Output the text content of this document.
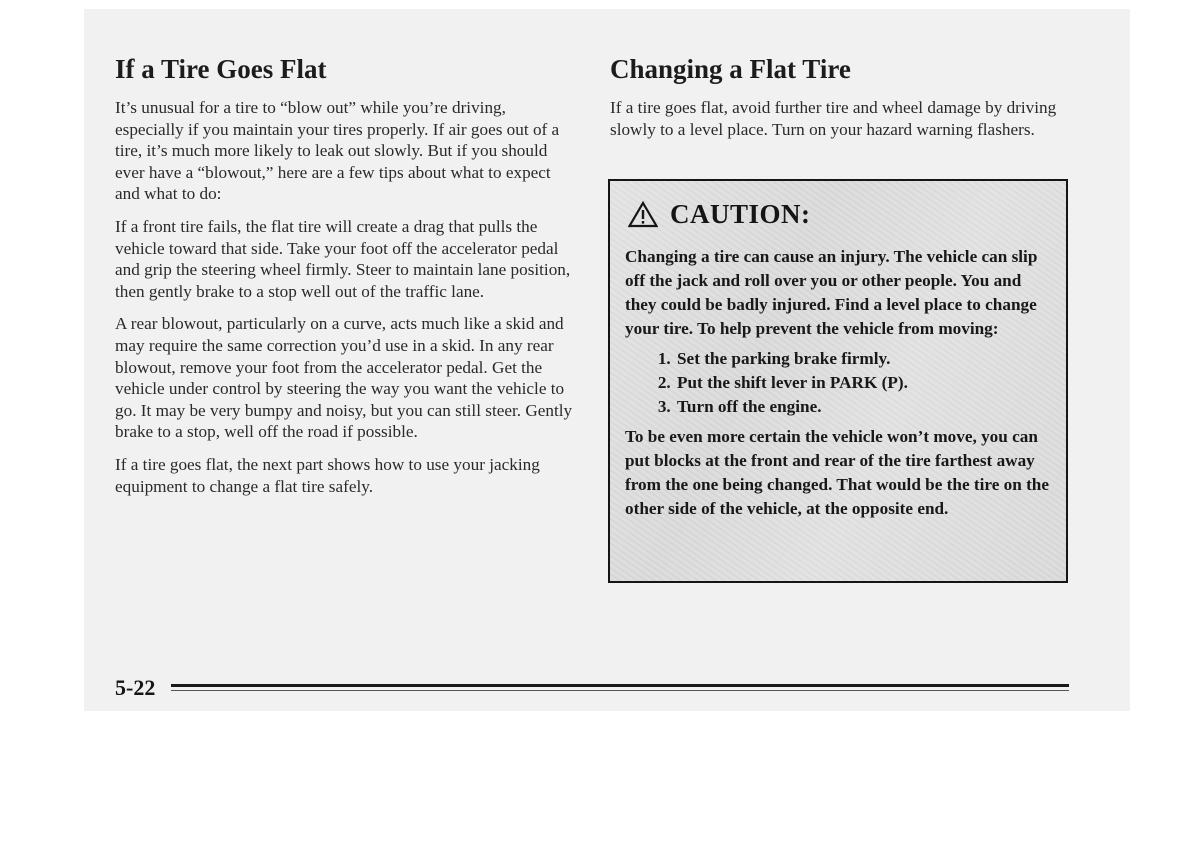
If a Tire Goes Flat

It’s unusual for a tire to “blow out” while you’re driving, especially if you maintain your tires properly. If air goes out of a tire, it’s much more likely to leak out slowly. But if you should ever have a “blowout,” here are a few tips about what to expect and what to do:

If a front tire fails, the flat tire will create a drag that pulls the vehicle toward that side. Take your foot off the accelerator pedal and grip the steering wheel firmly. Steer to maintain lane position, then gently brake to a stop well out of the traffic lane.

A rear blowout, particularly on a curve, acts much like a skid and may require the same correction you’d use in a skid. In any rear blowout, remove your foot from the accelerator pedal. Get the vehicle under control by steering the way you want the vehicle to go. It may be very bumpy and noisy, but you can still steer. Gently brake to a stop, well off the road if possible.

If a tire goes flat, the next part shows how to use your jacking equipment to change a flat tire safely.

Changing a Flat Tire

If a tire goes flat, avoid further tire and wheel damage by driving slowly to a level place. Turn on your hazard warning flashers.

CAUTION:
Changing a tire can cause an injury. The vehicle can slip off the jack and roll over you or other people. You and they could be badly injured. Find a level place to change your tire. To help prevent the vehicle from moving:
1. Set the parking brake firmly.
2. Put the shift lever in PARK (P).
3. Turn off the engine.
To be even more certain the vehicle won’t move, you can put blocks at the front and rear of the tire farthest away from the one being changed. That would be the tire on the other side of the vehicle, at the opposite end.
5-22
